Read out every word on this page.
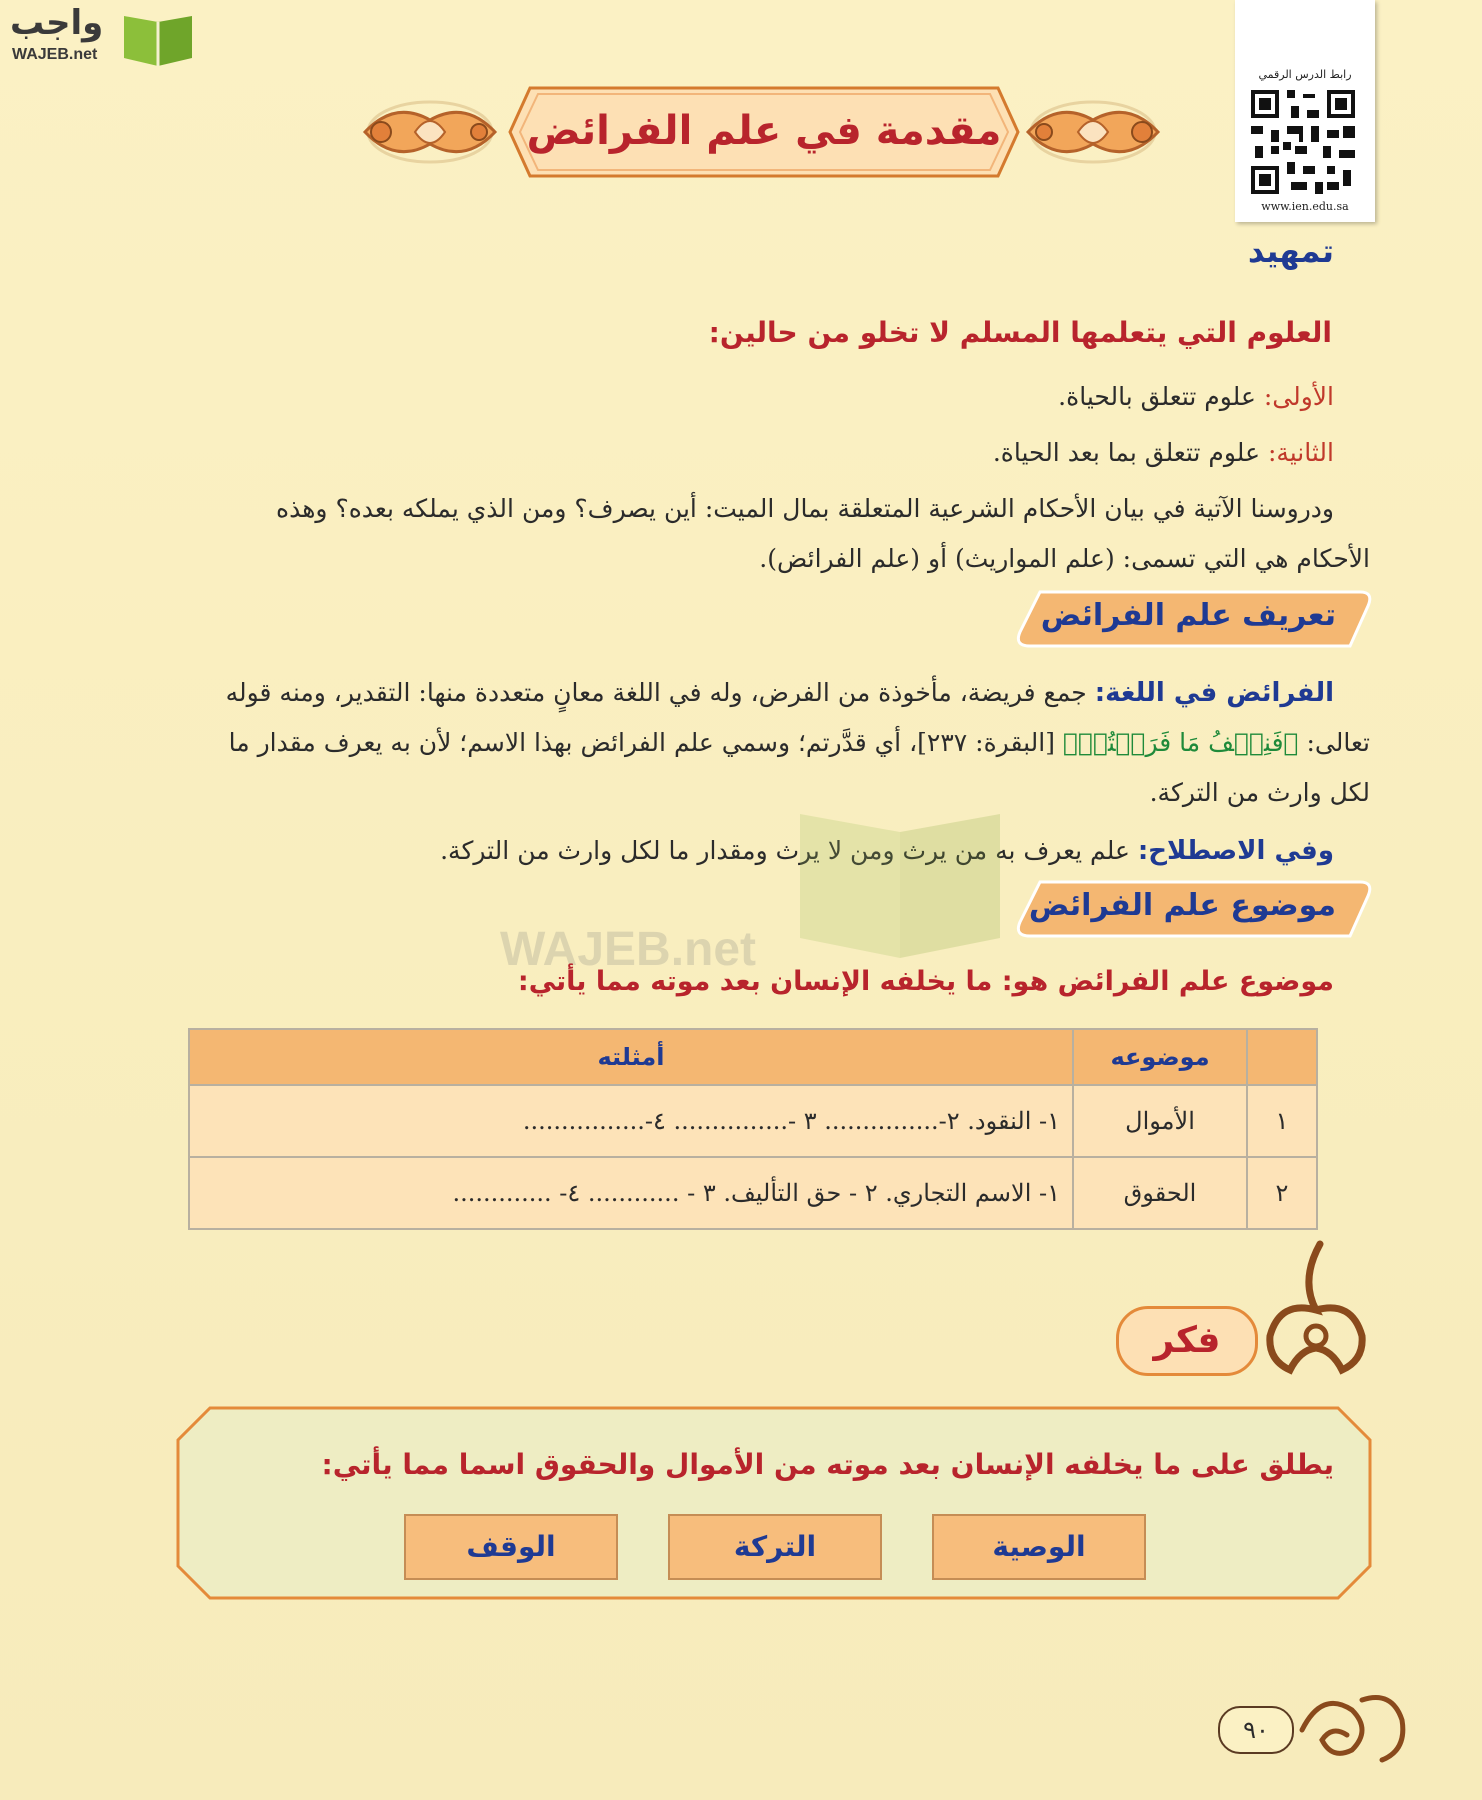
واجب
WAJEB.net
رابط الدرس الرقمي
www.ien.edu.sa
مقدمة في علم الفرائض
تمهيد
العلوم التي يتعلمها المسلم لا تخلو من حالين:
الأولى: علوم تتعلق بالحياة.
الثانية: علوم تتعلق بما بعد الحياة.
ودروسنا الآتية في بيان الأحكام الشرعية المتعلقة بمال الميت: أين يصرف؟ ومن الذي يملكه بعده؟ وهذه
الأحكام هي التي تسمى: (علم المواريث) أو (علم الفرائض).
تعريف علم الفرائض
الفرائض في اللغة: جمع فريضة، مأخوذة من الفرض، وله في اللغة معانٍ متعددة منها: التقدير، ومنه قوله
تعالى: ﴿فَنِصۡفُ مَا فَرَضۡتُمۡ﴾ [البقرة: ٢٣٧]، أي قدَّرتم؛ وسمي علم الفرائض بهذا الاسم؛ لأن به يعرف مقدار ما
لكل وارث من التركة.
وفي الاصطلاح: علم يعرف به من يرث ومن لا يرث ومقدار ما لكل وارث من التركة.
WAJEB.net
موضوع علم الفرائض
موضوع علم الفرائض هو: ما يخلفه الإنسان بعد موته مما يأتي:
	موضوعه	أمثلته
١	الأموال	١- النقود. ٢-............... ٣ -............... ٤-................
٢	الحقوق	١- الاسم التجاري. ٢ - حق التأليف. ٣ - ............ ٤- .............
فكر
يطلق على ما يخلفه الإنسان بعد موته من الأموال والحقوق اسما مما يأتي:
الوصية
التركة
الوقف
٩٠
